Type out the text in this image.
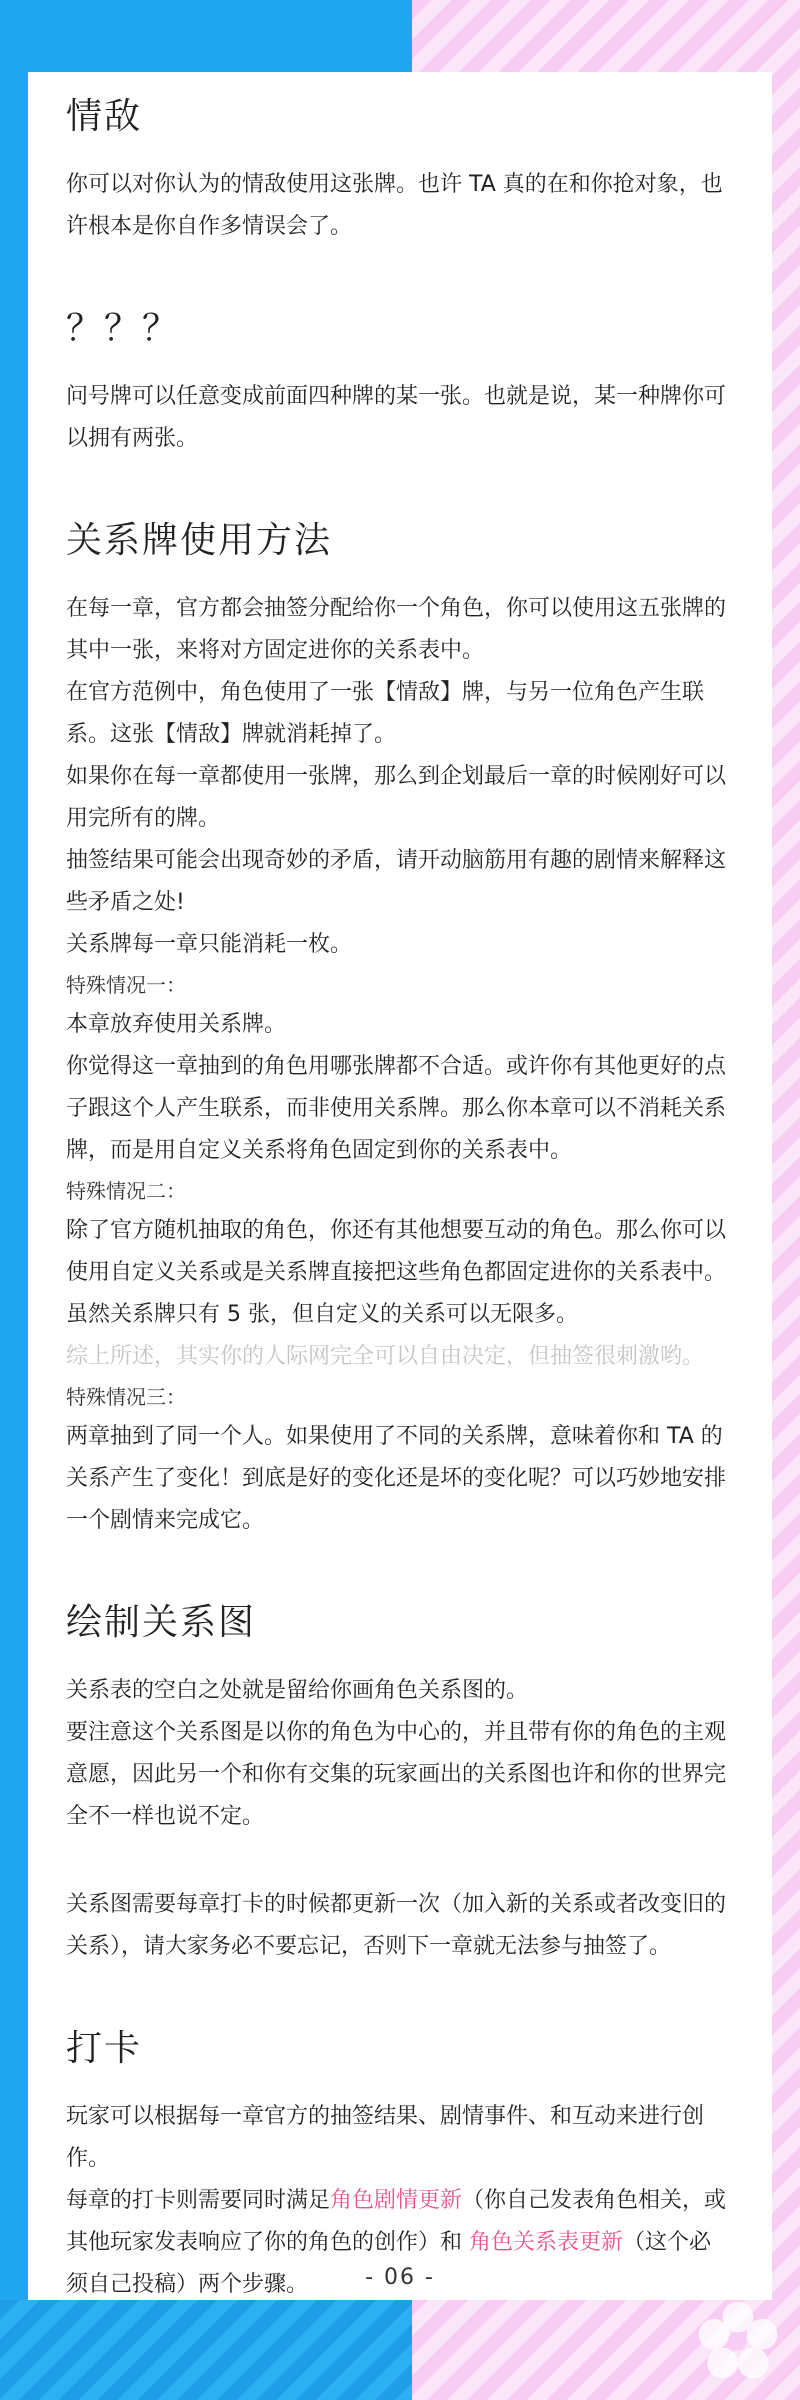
情敌

你可以对你认为的情敌使用这张牌。也许 TA 真的在和你抢对象，也许根本是你自作多情误会了。

？？？

问号牌可以任意变成前面四种牌的某一张。也就是说，某一种牌你可以拥有两张。

关系牌使用方法

在每一章，官方都会抽签分配给你一个角色，你可以使用这五张牌的其中一张，来将对方固定进你的关系表中。

在官方范例中，角色使用了一张【情敌】牌，与另一位角色产生联系。这张【情敌】牌就消耗掉了。

如果你在每一章都使用一张牌，那么到企划最后一章的时候刚好可以用完所有的牌。

抽签结果可能会出现奇妙的矛盾，请开动脑筋用有趣的剧情来解释这些矛盾之处!

关系牌每一章只能消耗一枚。

特殊情况一：

本章放弃使用关系牌。

你觉得这一章抽到的角色用哪张牌都不合适。或许你有其他更好的点子跟这个人产生联系，而非使用关系牌。那么你本章可以不消耗关系牌，而是用自定义关系将角色固定到你的关系表中。

特殊情况二：

除了官方随机抽取的角色，你还有其他想要互动的角色。那么你可以使用自定义关系或是关系牌直接把这些角色都固定进你的关系表中。

虽然关系牌只有 5 张，但自定义的关系可以无限多。

综上所述，其实你的人际网完全可以自由决定，但抽签很刺激哟。

特殊情况三：

两章抽到了同一个人。如果使用了不同的关系牌，意味着你和 TA 的关系产生了变化！到底是好的变化还是坏的变化呢？可以巧妙地安排一个剧情来完成它。

绘制关系图

关系表的空白之处就是留给你画角色关系图的。

要注意这个关系图是以你的角色为中心的，并且带有你的角色的主观意愿，因此另一个和你有交集的玩家画出的关系图也许和你的世界完全不一样也说不定。

关系图需要每章打卡的时候都更新一次（加入新的关系或者改变旧的关系），请大家务必不要忘记，否则下一章就无法参与抽签了。

打卡

玩家可以根据每一章官方的抽签结果、剧情事件、和互动来进行创作。

每章的打卡则需要同时满足角色剧情更新（你自己发表角色相关，或其他玩家发表响应了你的角色的创作）和 角色关系表更新（这个必须自己投稿）两个步骤。	- 06 -
